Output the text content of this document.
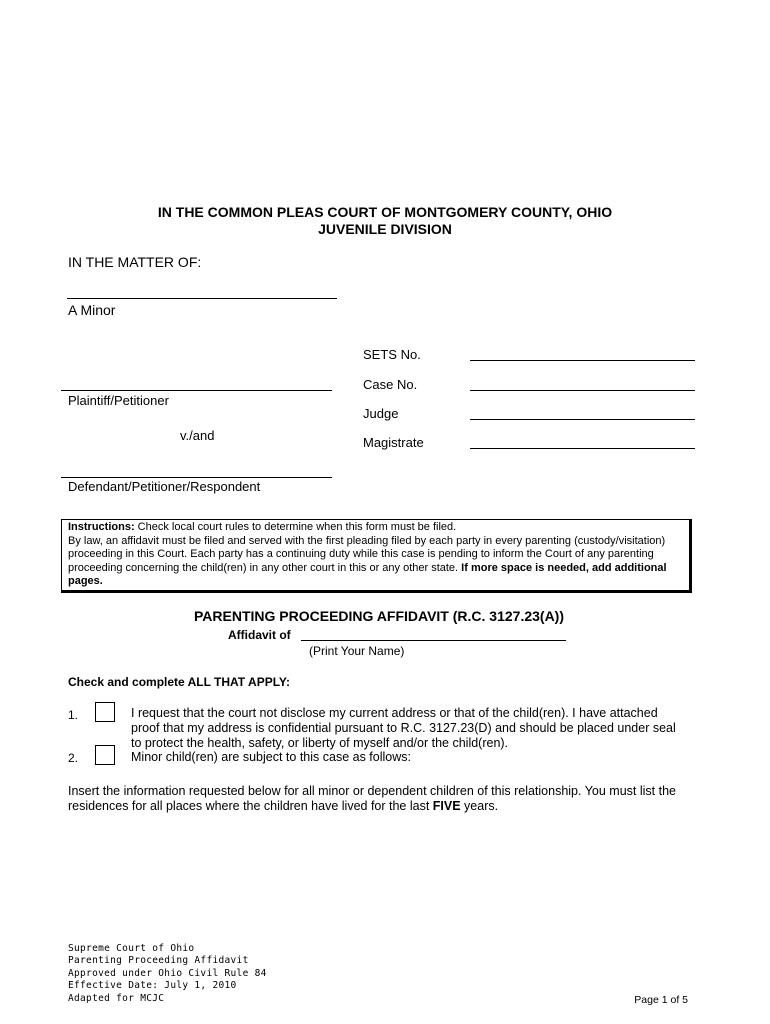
IN THE COMMON PLEAS COURT OF MONTGOMERY COUNTY, OHIO
JUVENILE DIVISION
IN THE MATTER OF:
A Minor
Plaintiff/Petitioner
v./and
Defendant/Petitioner/Respondent
SETS No.
Case No.
Judge
Magistrate
Instructions: Check local court rules to determine when this form must be filed.
By law, an affidavit must be filed and served with the first pleading filed by each party in every parenting (custody/visitation)
proceeding in this Court. Each party has a continuing duty while this case is pending to inform the Court of any parenting
proceeding concerning the child(ren) in any other court in this or any other state. If more space is needed, add additional
pages.
PARENTING PROCEEDING AFFIDAVIT (R.C. 3127.23(A))
Affidavit of
(Print Your Name)
Check and complete ALL THAT APPLY:
1.	I request that the court not disclose my current address or that of the child(ren). I have attached
proof that my address is confidential pursuant to R.C. 3127.23(D) and should be placed under seal
to protect the health, safety, or liberty of myself and/or the child(ren).
2.	Minor child(ren) are subject to this case as follows:
Insert the information requested below for all minor or dependent children of this relationship. You must list the
residences for all places where the children have lived for the last FIVE years.
Supreme Court of Ohio
Parenting Proceeding Affidavit
Approved under Ohio Civil Rule 84
Effective Date: July 1, 2010
Adapted for MCJC	Page 1 of 5
